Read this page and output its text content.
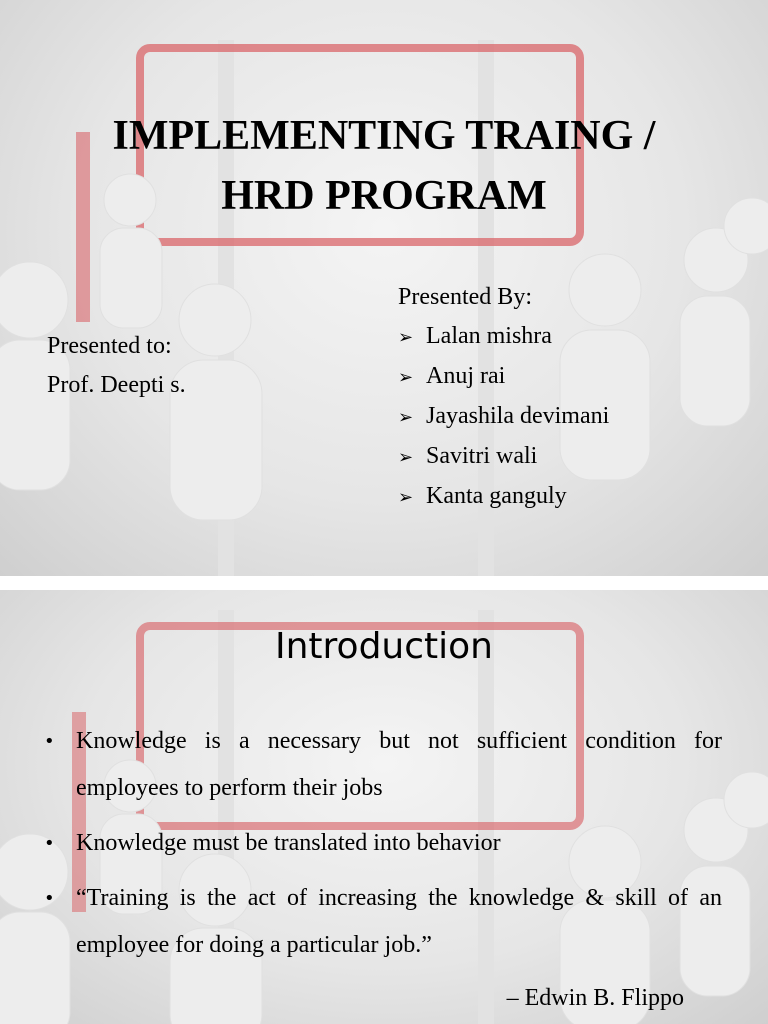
IMPLEMENTING TRAING /
HRD PROGRAM
Presented to:
Prof. Deepti s.
Presented By:
➢ Lalan mishra
➢ Anuj rai
➢ Jayashila devimani
➢ Savitri wali
➢ Kanta ganguly
Introduction
• Knowledge is a necessary but not sufficient condition for employees to perform their jobs
• Knowledge must be translated into behavior
• “Training is the act of increasing the knowledge & skill of an employee for doing a particular job.”
– Edwin B. Flippo
